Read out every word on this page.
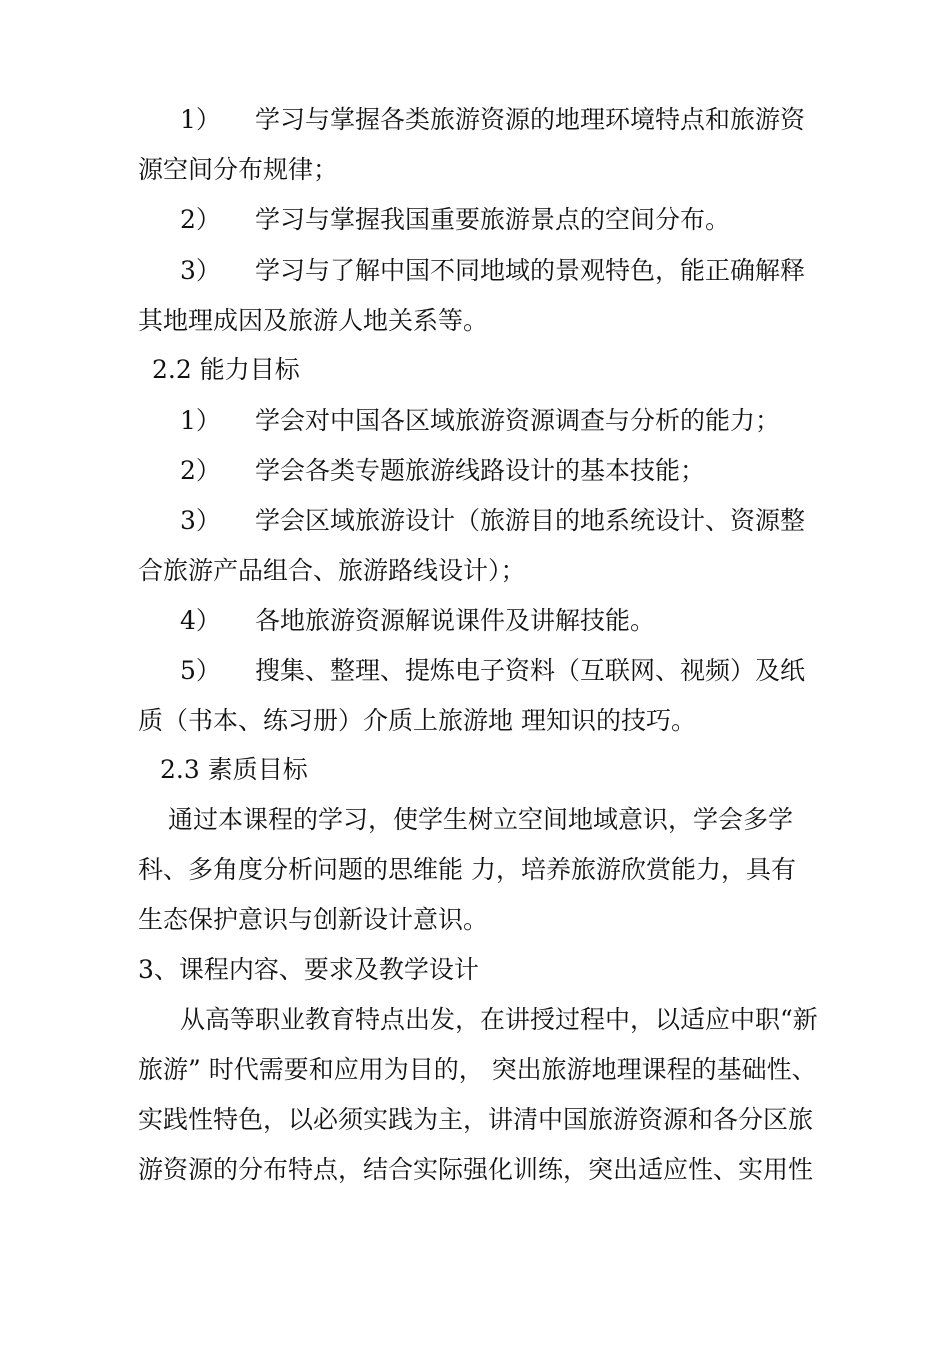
1） 学习与掌握各类旅游资源的地理环境特点和旅游资
源空间分布规律；
2） 学习与掌握我国重要旅游景点的空间分布。
3） 学习与了解中国不同地域的景观特色，能正确解释
其地理成因及旅游人地关系等。
2.2 能力目标
1） 学会对中国各区域旅游资源调查与分析的能力；
2） 学会各类专题旅游线路设计的基本技能；
3） 学会区域旅游设计（旅游目的地系统设计、资源整
合旅游产品组合、旅游路线设计）；
4） 各地旅游资源解说课件及讲解技能。
5） 搜集、整理、提炼电子资料（互联网、视频）及纸
质（书本、练习册）介质上旅游地 理知识的技巧。
2.3 素质目标
通过本课程的学习，使学生树立空间地域意识，学会多学
科、多角度分析问题的思维能 力，培养旅游欣赏能力，具有
生态保护意识与创新设计意识。
3、课程内容、要求及教学设计
从高等职业教育特点出发，在讲授过程中，以适应中职“新
旅游” 时代需要和应用为目的， 突出旅游地理课程的基础性、
实践性特色，以必须实践为主，讲清中国旅游资源和各分区旅
游资源的分布特点，结合实际强化训练，突出适应性、实用性
